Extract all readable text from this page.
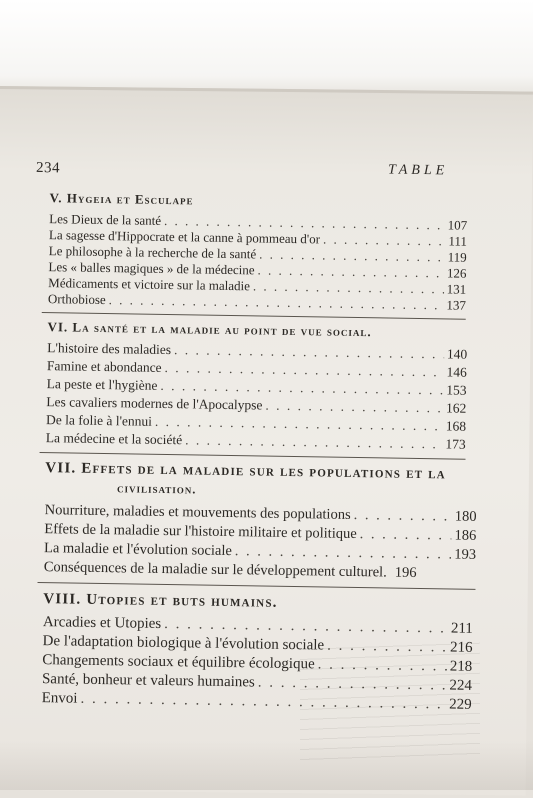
234	TABLE
V. Hygeia et Esculape
Les Dieux de la santé . . .	107
La sagesse d'Hippocrate et la canne à pommeau d'or . . .	111
Le philosophe à la recherche de la santé . . .	119
Les « balles magiques » de la médecine . . .	126
Médicaments et victoire sur la maladie . . .	131
Orthobiose . . .	137
VI. La santé et la maladie au point de vue social.
L'histoire des maladies . . .	140
Famine et abondance . . .	146
La peste et l'hygiène . . .	153
Les cavaliers modernes de l'Apocalypse . . .	162
De la folie à l'ennui . . .	168
La médecine et la société . . .	173
VII. Effets de la maladie sur les populations et la
civilisation.
Nourriture, maladies et mouvements des populations . . .	180
Effets de la maladie sur l'histoire militaire et politique . . .	186
La maladie et l'évolution sociale . . .	193
Conséquences de la maladie sur le développement culturel. 196
VIII. Utopies et buts humains.
Arcadies et Utopies . . .	211
De l'adaptation biologique à l'évolution sociale . . .	216
Changements sociaux et équilibre écologique . . .	218
Santé, bonheur et valeurs humaines . . .	224
Envoi . . .	229
